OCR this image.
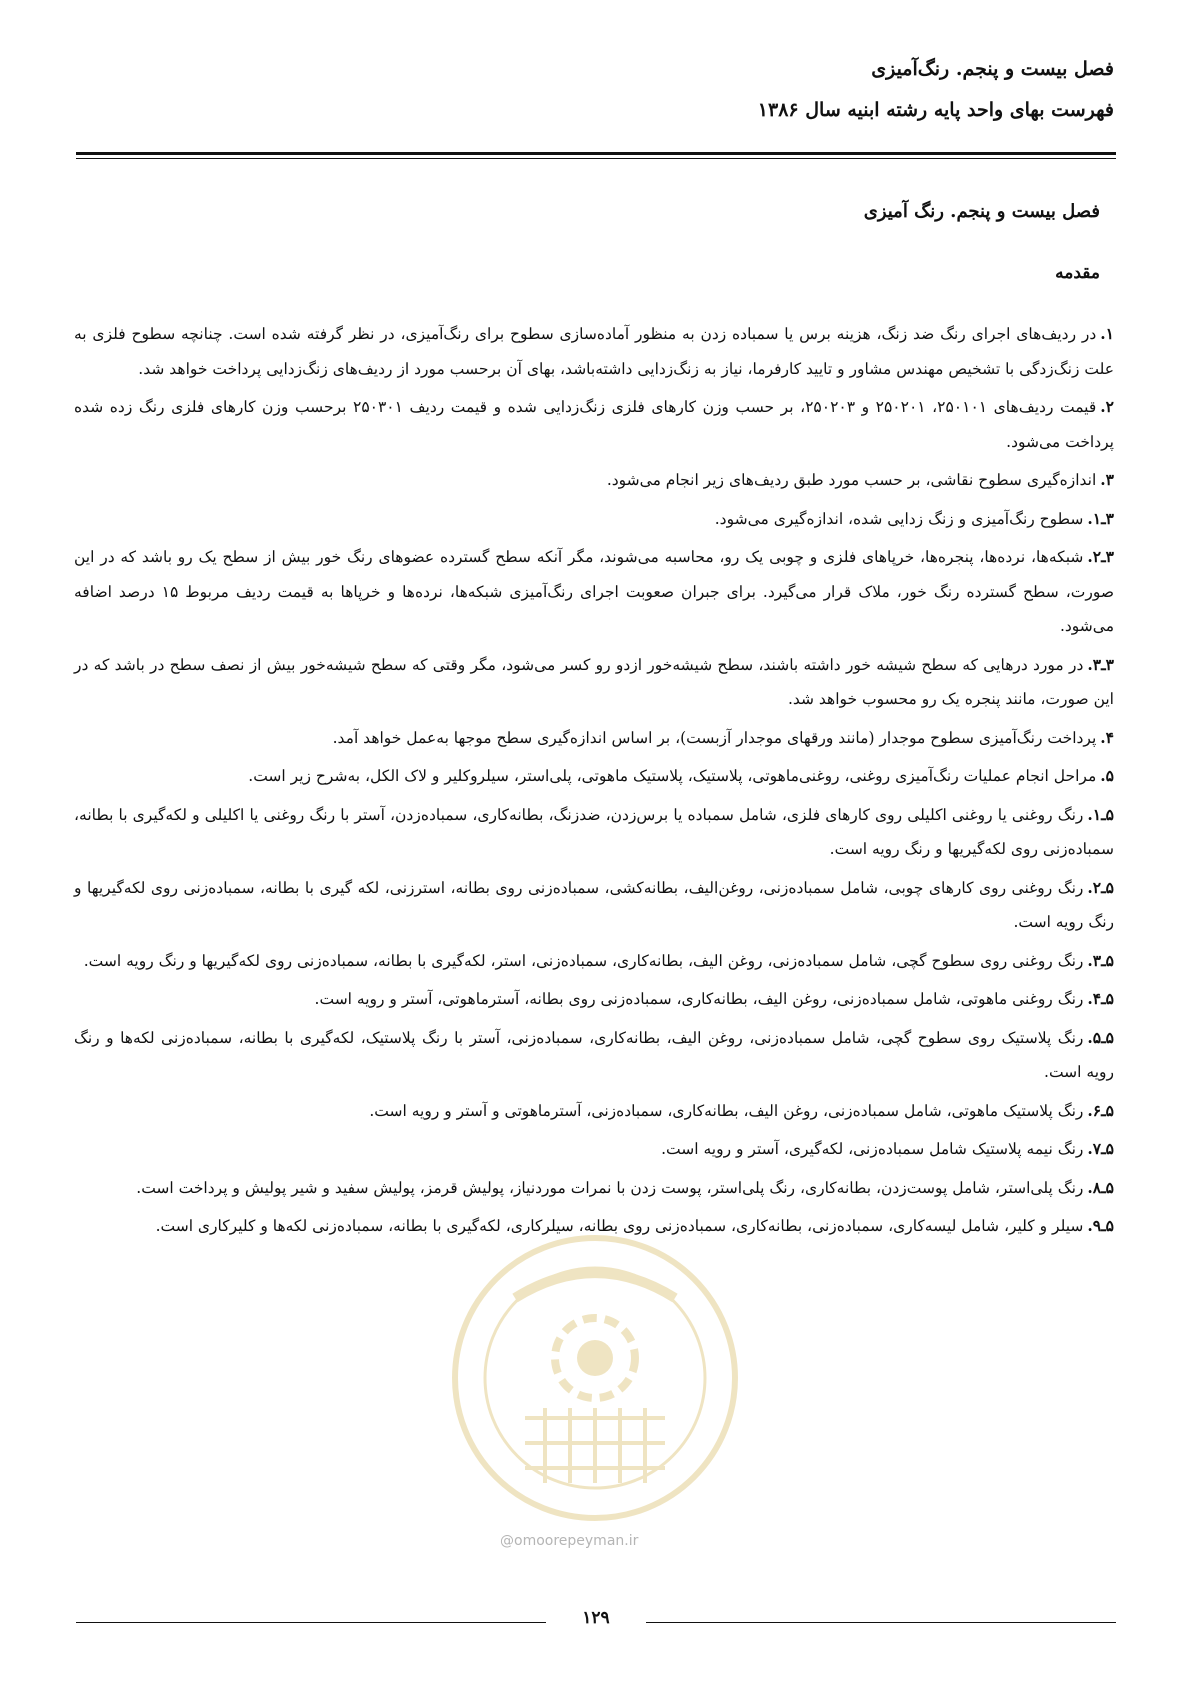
فصل بیست و پنجم. رنگ‌آمیزی
فهرست بهای واحد پایه رشته ابنیه سال ۱۳۸۶
فصل بیست و پنجم. رنگ آمیزی
مقدمه
۱.در ردیف‌های اجرای رنگ ضد زنگ، هزینه برس یا سمباده زدن به منظور آماده‌سازی سطوح برای رنگ‌آمیزی، در نظر گرفته شده است. چنانچه سطوح فلزی به علت زنگ‌زدگی با تشخیص مهندس مشاور و تایید کارفرما، نیاز به زنگ‌زدایی داشته‌باشد، بهای آن برحسب مورد از ردیف‌های زنگ‌زدایی پرداخت خواهد شد.
۲.قیمت ردیف‌های ۲۵۰۱۰۱، ۲۵۰۲۰۱ و ۲۵۰۲۰۳، بر حسب وزن کارهای فلزی زنگ‌زدایی شده و قیمت ردیف ۲۵۰۳۰۱ برحسب وزن کارهای فلزی رنگ زده شده پرداخت می‌شود.
۳.اندازه‌گیری سطوح نقاشی، بر حسب مورد طبق ردیف‌های زیر انجام می‌شود.
۳ـ۱.سطوح رنگ‌آمیزی و زنگ زدایی شده، اندازه‌گیری می‌شود.
۳ـ۲.شبکه‌ها، نرده‌ها، پنجره‌ها، خرپاهای فلزی و چوبی یک رو، محاسبه می‌شوند، مگر آنکه سطح گسترده عضوهای رنگ خور بیش از سطح یک رو باشد که در این صورت، سطح گسترده رنگ خور، ملاک قرار می‌گیرد. برای جبران صعوبت اجرای رنگ‌آمیزی شبکه‌ها، نرده‌ها و خرپاها به قیمت ردیف مربوط ۱۵ درصد اضافه می‌شود.
۳ـ۳.در مورد درهایی که سطح شیشه خور داشته باشند، سطح شیشه‌خور ازدو رو کسر می‌شود، مگر وقتی که سطح شیشه‌خور بیش از نصف سطح در باشد که در این صورت، مانند پنجره یک رو محسوب خواهد شد.
۴.پرداخت رنگ‌آمیزی سطوح موجدار (مانند ورقهای موجدار آزبست)، بر اساس اندازه‌گیری سطح موجها به‌عمل خواهد آمد.
۵.مراحل انجام عملیات رنگ‌آمیزی روغنی، روغنی‌ماهوتی، پلاستیک، پلاستیک ماهوتی، پلی‌استر، سیلروکلیر و لاک الکل، به‌شرح زیر است.
۵ـ۱.رنگ روغنی یا روغنی اکلیلی روی کارهای فلزی، شامل سمباده یا برس‌زدن، ضدزنگ، بطانه‌کاری، سمباده‌زدن، آستر با رنگ روغنی یا اکلیلی و لکه‌گیری با بطانه، سمباده‌زنی روی لکه‌گیریها و رنگ رویه است.
۵ـ۲.رنگ روغنی روی کارهای چوبی، شامل سمباده‌زنی، روغن‌الیف، بطانه‌کشی، سمباده‌زنی روی بطانه، استرزنی، لکه گیری با بطانه، سمباده‌زنی روی لکه‌گیریها و رنگ رویه است.
۵ـ۳.رنگ روغنی روی سطوح گچی، شامل سمباده‌زنی، روغن الیف، بطانه‌کاری، سمباده‌زنی، استر، لکه‌گیری با بطانه، سمباده‌زنی روی لکه‌گیریها و رنگ رویه است.
۵ـ۴.رنگ روغنی ماهوتی، شامل سمباده‌زنی، روغن الیف، بطانه‌کاری، سمباده‌زنی روی بطانه، آسترماهوتی، آستر و رویه است.
۵ـ۵.رنگ پلاستیک روی سطوح گچی، شامل سمباده‌زنی، روغن الیف، بطانه‌کاری، سمباده‌زنی، آستر با رنگ پلاستیک، لکه‌گیری با بطانه، سمباده‌زنی لکه‌ها و رنگ رویه است.
۵ـ۶.رنگ پلاستیک ماهوتی، شامل سمباده‌زنی، روغن الیف، بطانه‌کاری، سمباده‌زنی، آسترماهوتی و آستر و رویه است.
۵ـ۷.رنگ نیمه پلاستیک شامل سمباده‌زنی، لکه‌گیری، آستر و رویه است.
۵ـ۸.رنگ پلی‌استر، شامل پوست‌زدن، بطانه‌کاری، رنگ پلی‌استر، پوست زدن با نمرات موردنیاز، پولیش قرمز، پولیش سفید و شیر پولیش و پرداخت است.
۵ـ۹.سیلر و کلیر، شامل لیسه‌کاری، سمباده‌زنی، بطانه‌کاری، سمباده‌زنی روی بطانه، سیلرکاری، لکه‌گیری با بطانه، سمباده‌زنی لکه‌ها و کلیرکاری است.
@omoorepeyman.ir
۱۲۹
